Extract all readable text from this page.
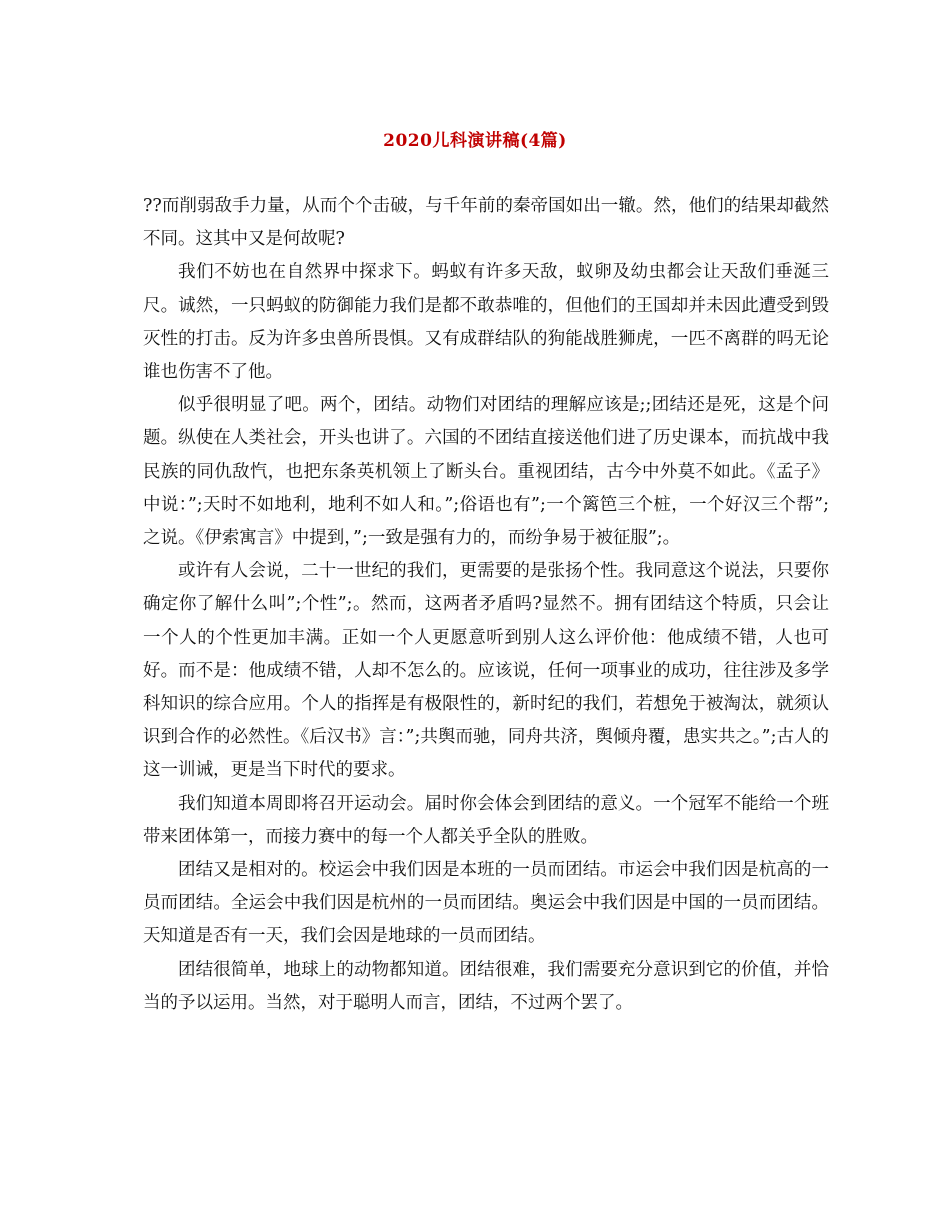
2020儿科演讲稿(4篇)

??而削弱敌手力量，从而个个击破，与千年前的秦帝国如出一辙。然，他们的结果却截然不同。这其中又是何故呢?

我们不妨也在自然界中探求下。蚂蚁有许多天敌，蚁卵及幼虫都会让天敌们垂涎三尺。诚然，一只蚂蚁的防御能力我们是都不敢恭唯的，但他们的王国却并未因此遭受到毁灭性的打击。反为许多虫兽所畏惧。又有成群结队的狗能战胜狮虎，一匹不离群的吗无论谁也伤害不了他。

似乎很明显了吧。两个，团结。动物们对团结的理解应该是;;团结还是死，这是个问题。纵使在人类社会，开头也讲了。六国的不团结直接送他们进了历史课本，而抗战中我民族的同仇敌忾，也把东条英机领上了断头台。重视团结，古今中外莫不如此。《孟子》中说：”;天时不如地利，地利不如人和。”;俗语也有”;一个篱笆三个桩，一个好汉三个帮”;之说。《伊索寓言》中提到，”;一致是强有力的，而纷争易于被征服”;。

或许有人会说，二十一世纪的我们，更需要的是张扬个性。我同意这个说法，只要你确定你了解什么叫”;个性”;。然而，这两者矛盾吗?显然不。拥有团结这个特质，只会让一个人的个性更加丰满。正如一个人更愿意听到别人这么评价他：他成绩不错，人也可好。而不是：他成绩不错，人却不怎么的。应该说，任何一项事业的成功，往往涉及多学科知识的综合应用。个人的指挥是有极限性的，新时纪的我们，若想免于被淘汰，就须认识到合作的必然性。《后汉书》言：”;共舆而驰，同舟共济，舆倾舟覆，患实共之。”;古人的这一训诫，更是当下时代的要求。

我们知道本周即将召开运动会。届时你会体会到团结的意义。一个冠军不能给一个班带来团体第一，而接力赛中的每一个人都关乎全队的胜败。

团结又是相对的。校运会中我们因是本班的一员而团结。市运会中我们因是杭高的一员而团结。全运会中我们因是杭州的一员而团结。奥运会中我们因是中国的一员而团结。天知道是否有一天，我们会因是地球的一员而团结。

团结很简单，地球上的动物都知道。团结很难，我们需要充分意识到它的价值，并恰当的予以运用。当然，对于聪明人而言，团结，不过两个罢了。
